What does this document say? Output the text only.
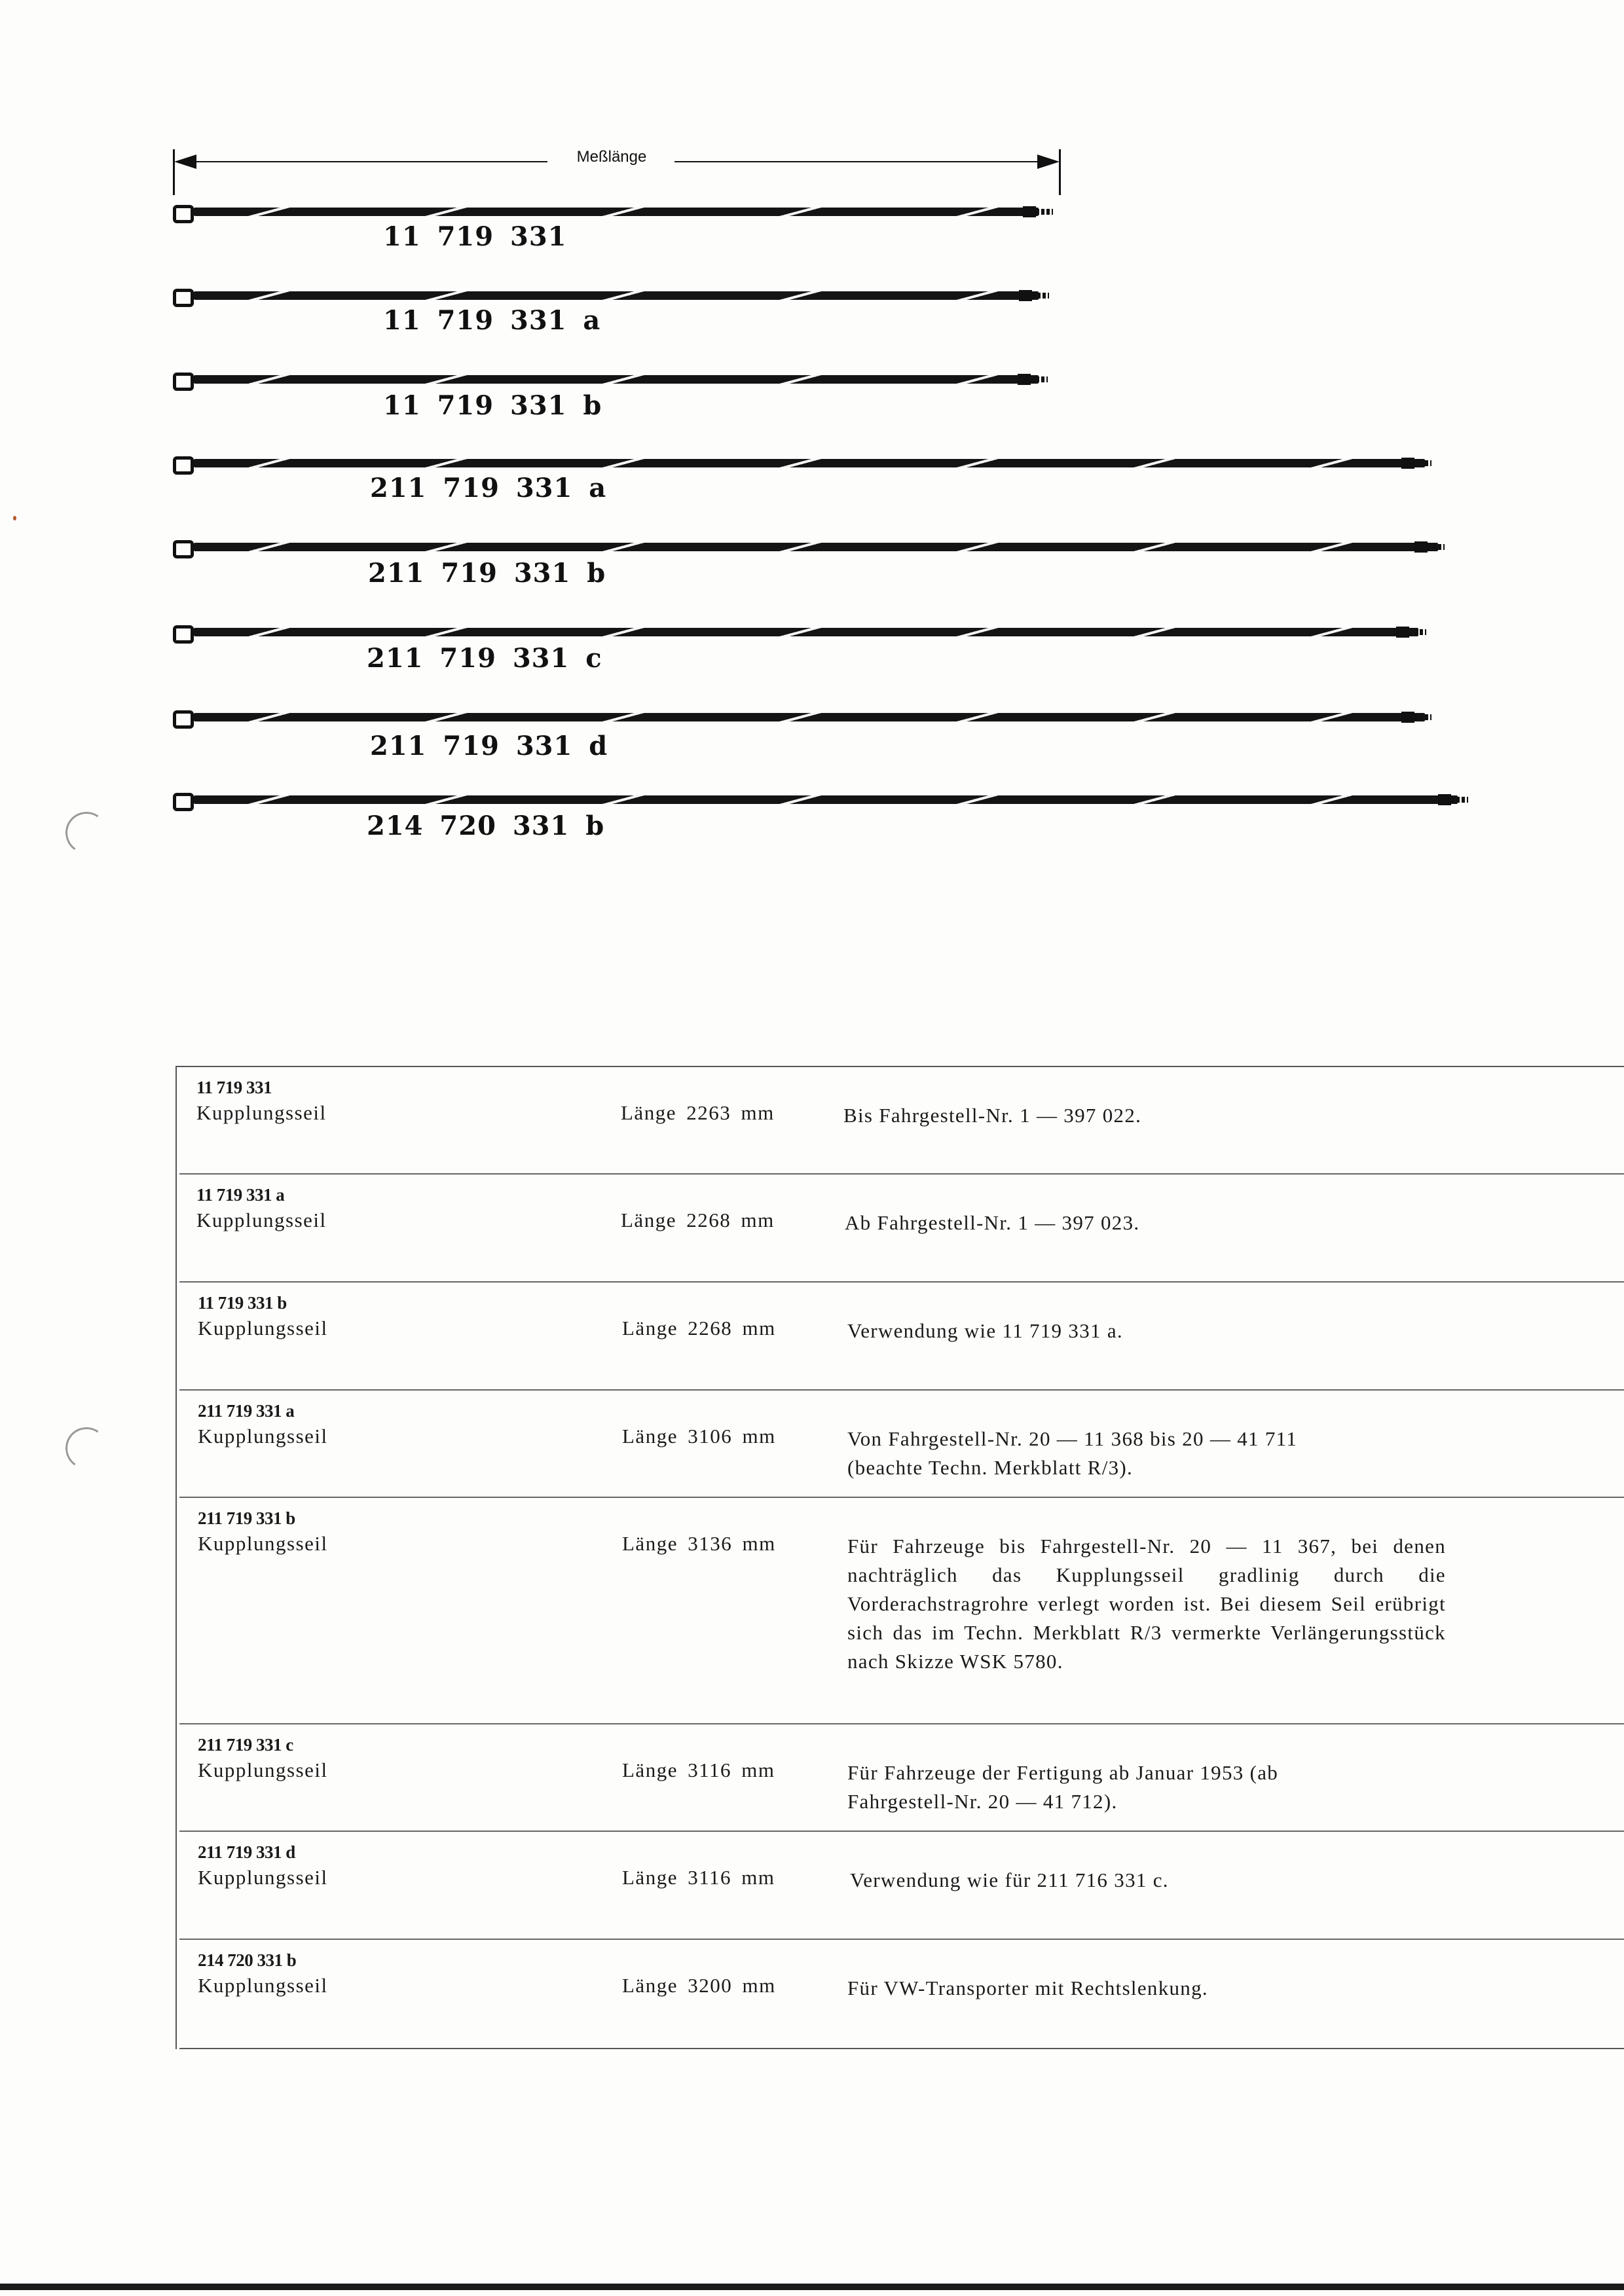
Meßlänge
11 719 331
11 719 331 a
11 719 331 b
211 719 331 a
211 719 331 b
211 719 331 c
211 719 331 d
214 720 331 b
11 719 331
Kupplungsseil	Länge 2263 mm	Bis Fahrgestell-Nr. 1 — 397 022.
11 719 331 a
Kupplungsseil	Länge 2268 mm	Ab Fahrgestell-Nr. 1 — 397 023.
11 719 331 b
Kupplungsseil	Länge 2268 mm	Verwendung wie 11 719 331 a.
211 719 331 a
Kupplungsseil	Länge 3106 mm	Von Fahrgestell-Nr. 20 — 11 368 bis 20 — 41 711 (beachte Techn. Merkblatt R/3).
211 719 331 b
Kupplungsseil	Länge 3136 mm	Für Fahrzeuge bis Fahrgestell-Nr. 20 — 11 367, bei denen nachträglich das Kupplungsseil gradlinig durch die Vorderachstragrohre verlegt worden ist. Bei diesem Seil erübrigt sich das im Techn. Merkblatt R/3 vermerkte Verlängerungsstück nach Skizze WSK 5780.
211 719 331 c
Kupplungsseil	Länge 3116 mm	Für Fahrzeuge der Fertigung ab Januar 1953 (ab Fahrgestell-Nr. 20 — 41 712).
211 719 331 d
Kupplungsseil	Länge 3116 mm	Verwendung wie für 211 716 331 c.
214 720 331 b
Kupplungsseil	Länge 3200 mm	Für VW-Transporter mit Rechtslenkung.
